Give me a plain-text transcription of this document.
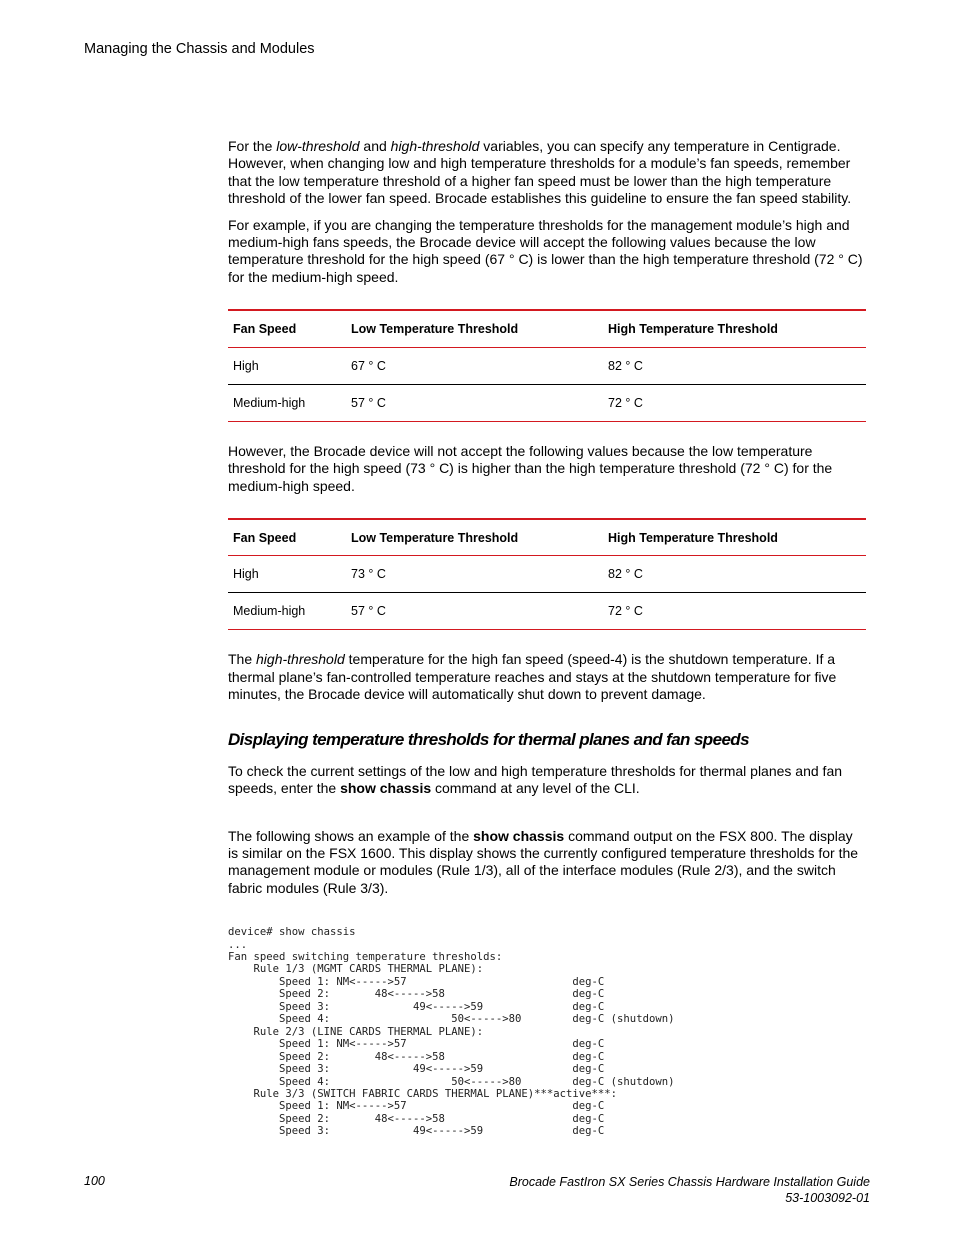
Managing the Chassis and Modules

For the low-threshold and high-threshold variables, you can specify any temperature in Centigrade. However, when changing low and high temperature thresholds for a module’s fan speeds, remember that the low temperature threshold of a higher fan speed must be lower than the high temperature threshold of the lower fan speed. Brocade establishes this guideline to ensure the fan speed stability.

For example, if you are changing the temperature thresholds for the management module’s high and medium-high fans speeds, the Brocade device will accept the following values because the low temperature threshold for the high speed (67 ° C) is lower than the high temperature threshold (72 ° C) for the medium-high speed.

Fan Speed	Low Temperature Threshold	High Temperature Threshold
High	67 ° C	82 ° C
Medium-high	57 ° C	72 ° C

However, the Brocade device will not accept the following values because the low temperature threshold for the high speed (73 ° C) is higher than the high temperature threshold (72 ° C) for the medium-high speed.

Fan Speed	Low Temperature Threshold	High Temperature Threshold
High	73 ° C	82 ° C
Medium-high	57 ° C	72 ° C

The high-threshold temperature for the high fan speed (speed-4) is the shutdown temperature. If a thermal plane’s fan-controlled temperature reaches and stays at the shutdown temperature for five minutes, the Brocade device will automatically shut down to prevent damage.

Displaying temperature thresholds for thermal planes and fan speeds

To check the current settings of the low and high temperature thresholds for thermal planes and fan speeds, enter the show chassis command at any level of the CLI.

The following shows an example of the show chassis command output on the FSX 800. The display is similar on the FSX 1600. This display shows the currently configured temperature thresholds for the management module or modules (Rule 1/3), all of the interface modules (Rule 2/3), and the switch fabric modules (Rule 3/3).

device# show chassis
...
Fan speed switching temperature thresholds:
Rule 1/3 (MGMT CARDS THERMAL PLANE):
Speed 1: NM<----->57                          deg-C
Speed 2:       48<----->58                    deg-C
Speed 3:             49<----->59              deg-C
Speed 4:                   50<----->80        deg-C (shutdown)
Rule 2/3 (LINE CARDS THERMAL PLANE):
Speed 1: NM<----->57                          deg-C
Speed 2:       48<----->58                    deg-C
Speed 3:             49<----->59              deg-C
Speed 4:                   50<----->80        deg-C (shutdown)
Rule 3/3 (SWITCH FABRIC CARDS THERMAL PLANE)***active***:
Speed 1: NM<----->57                          deg-C
Speed 2:       48<----->58                    deg-C
Speed 3:             49<----->59              deg-C
100	Brocade FastIron SX Series Chassis Hardware Installation Guide
53-1003092-01
